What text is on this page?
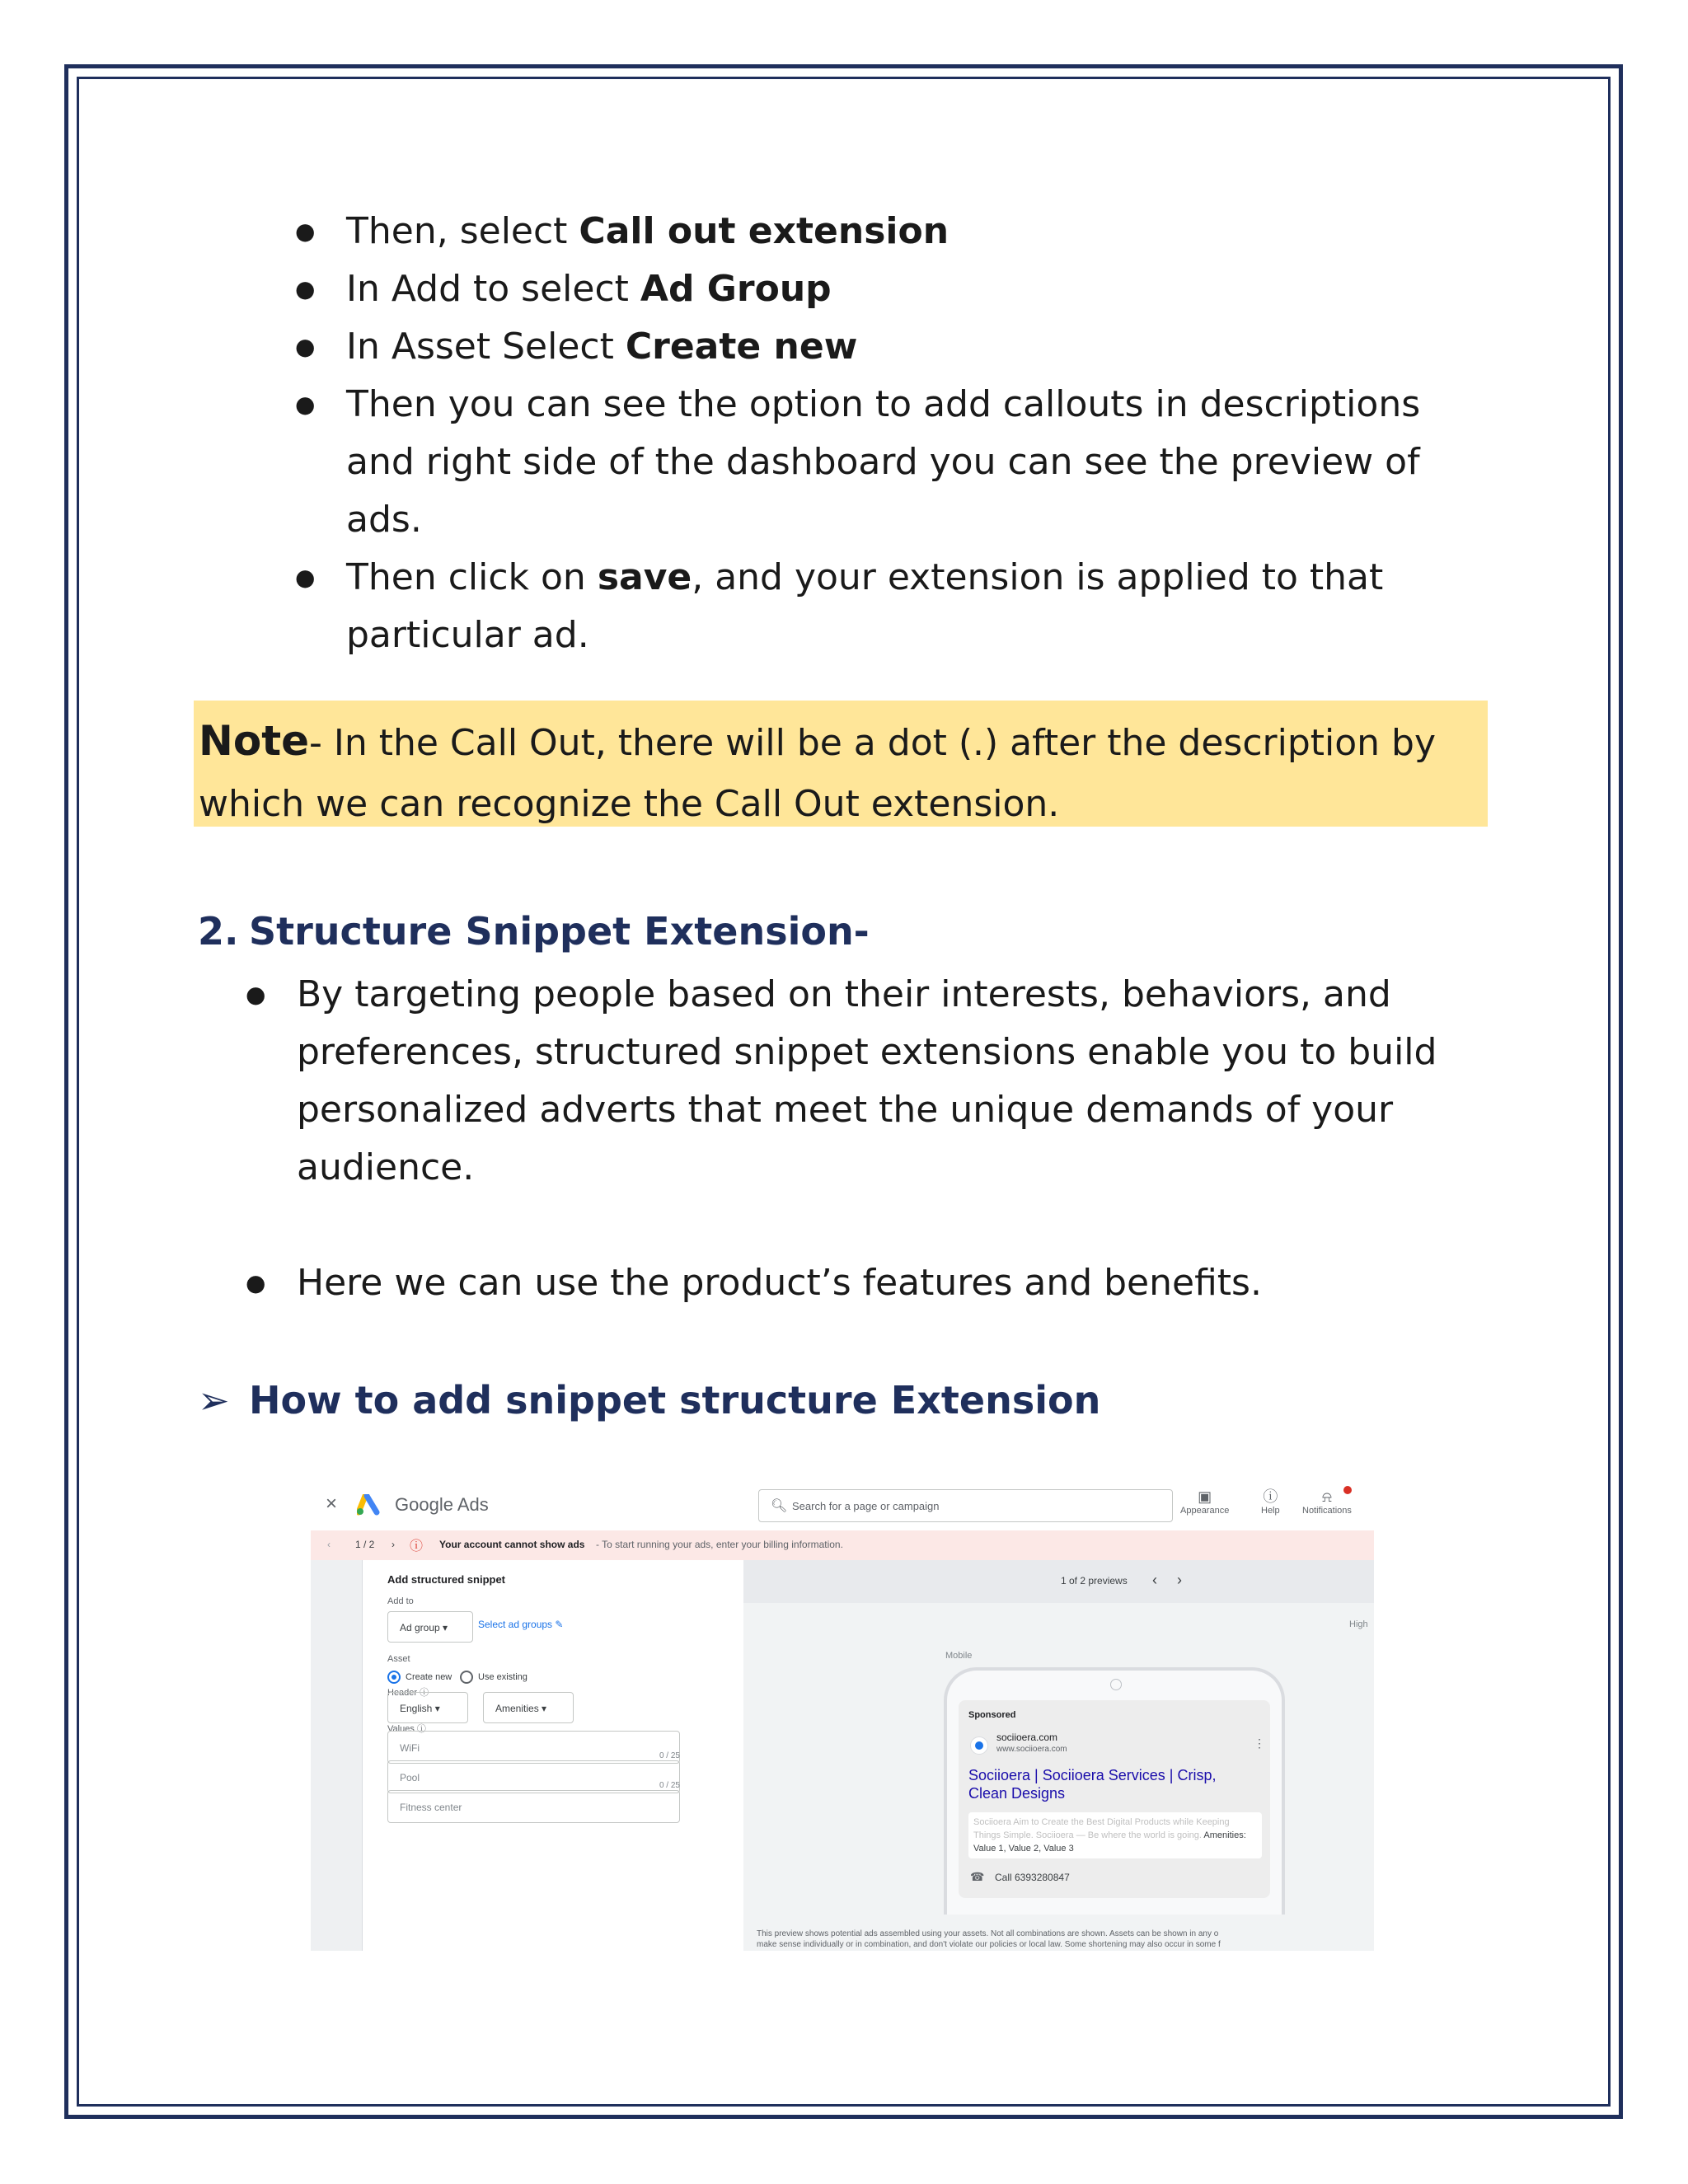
● Then, select Call out extension
● In Add to select Ad Group
● In Asset Select Create new
● Then you can see the option to add callouts in descriptions and right side of the dashboard you can see the preview of ads.
● Then click on save, and your extension is applied to that particular ad.
Note- In the Call Out, there will be a dot (.) after the description by which we can recognize the Call Out extension.
2. Structure Snippet Extension-
● By targeting people based on their interests, behaviors, and preferences, structured snippet extensions enable you to build personalized adverts that meet the unique demands of your audience.
● Here we can use the product’s features and benefits.
➢ How to add snippet structure Extension
×	Google Ads	🔍︎ Search for a page or campaign
▣
Appearance
ⓘ
Help
⍾
Notifications
‹	1 / 2 › ⓘ Your account cannot show ads - To start running your ads, enter your billing information.
Add structured snippet
Add to
Ad group ▾	Select ad groups ✎
Asset
Create new	Use existing
Header ⓘ
English ▾	Amenities ▾
Values ⓘ
WiFi
0 / 25
Pool
0 / 25
Fitness center
1 of 2 previews ‹ ›
High
Mobile
Sponsored
sociioera.com
www.sociioera.com	⋮
Sociioera | Sociioera Services | Crisp, Clean Designs
Sociioera Aim to Create the Best Digital Products while Keeping Things Simple. Sociioera — Be where the world is going. Amenities: Value 1, Value 2, Value 3
☎ Call 6393280847
This preview shows potential ads assembled using your assets. Not all combinations are shown. Assets can be shown in any o
make sense individually or in combination, and don't violate our policies or local law. Some shortening may also occur in some f
